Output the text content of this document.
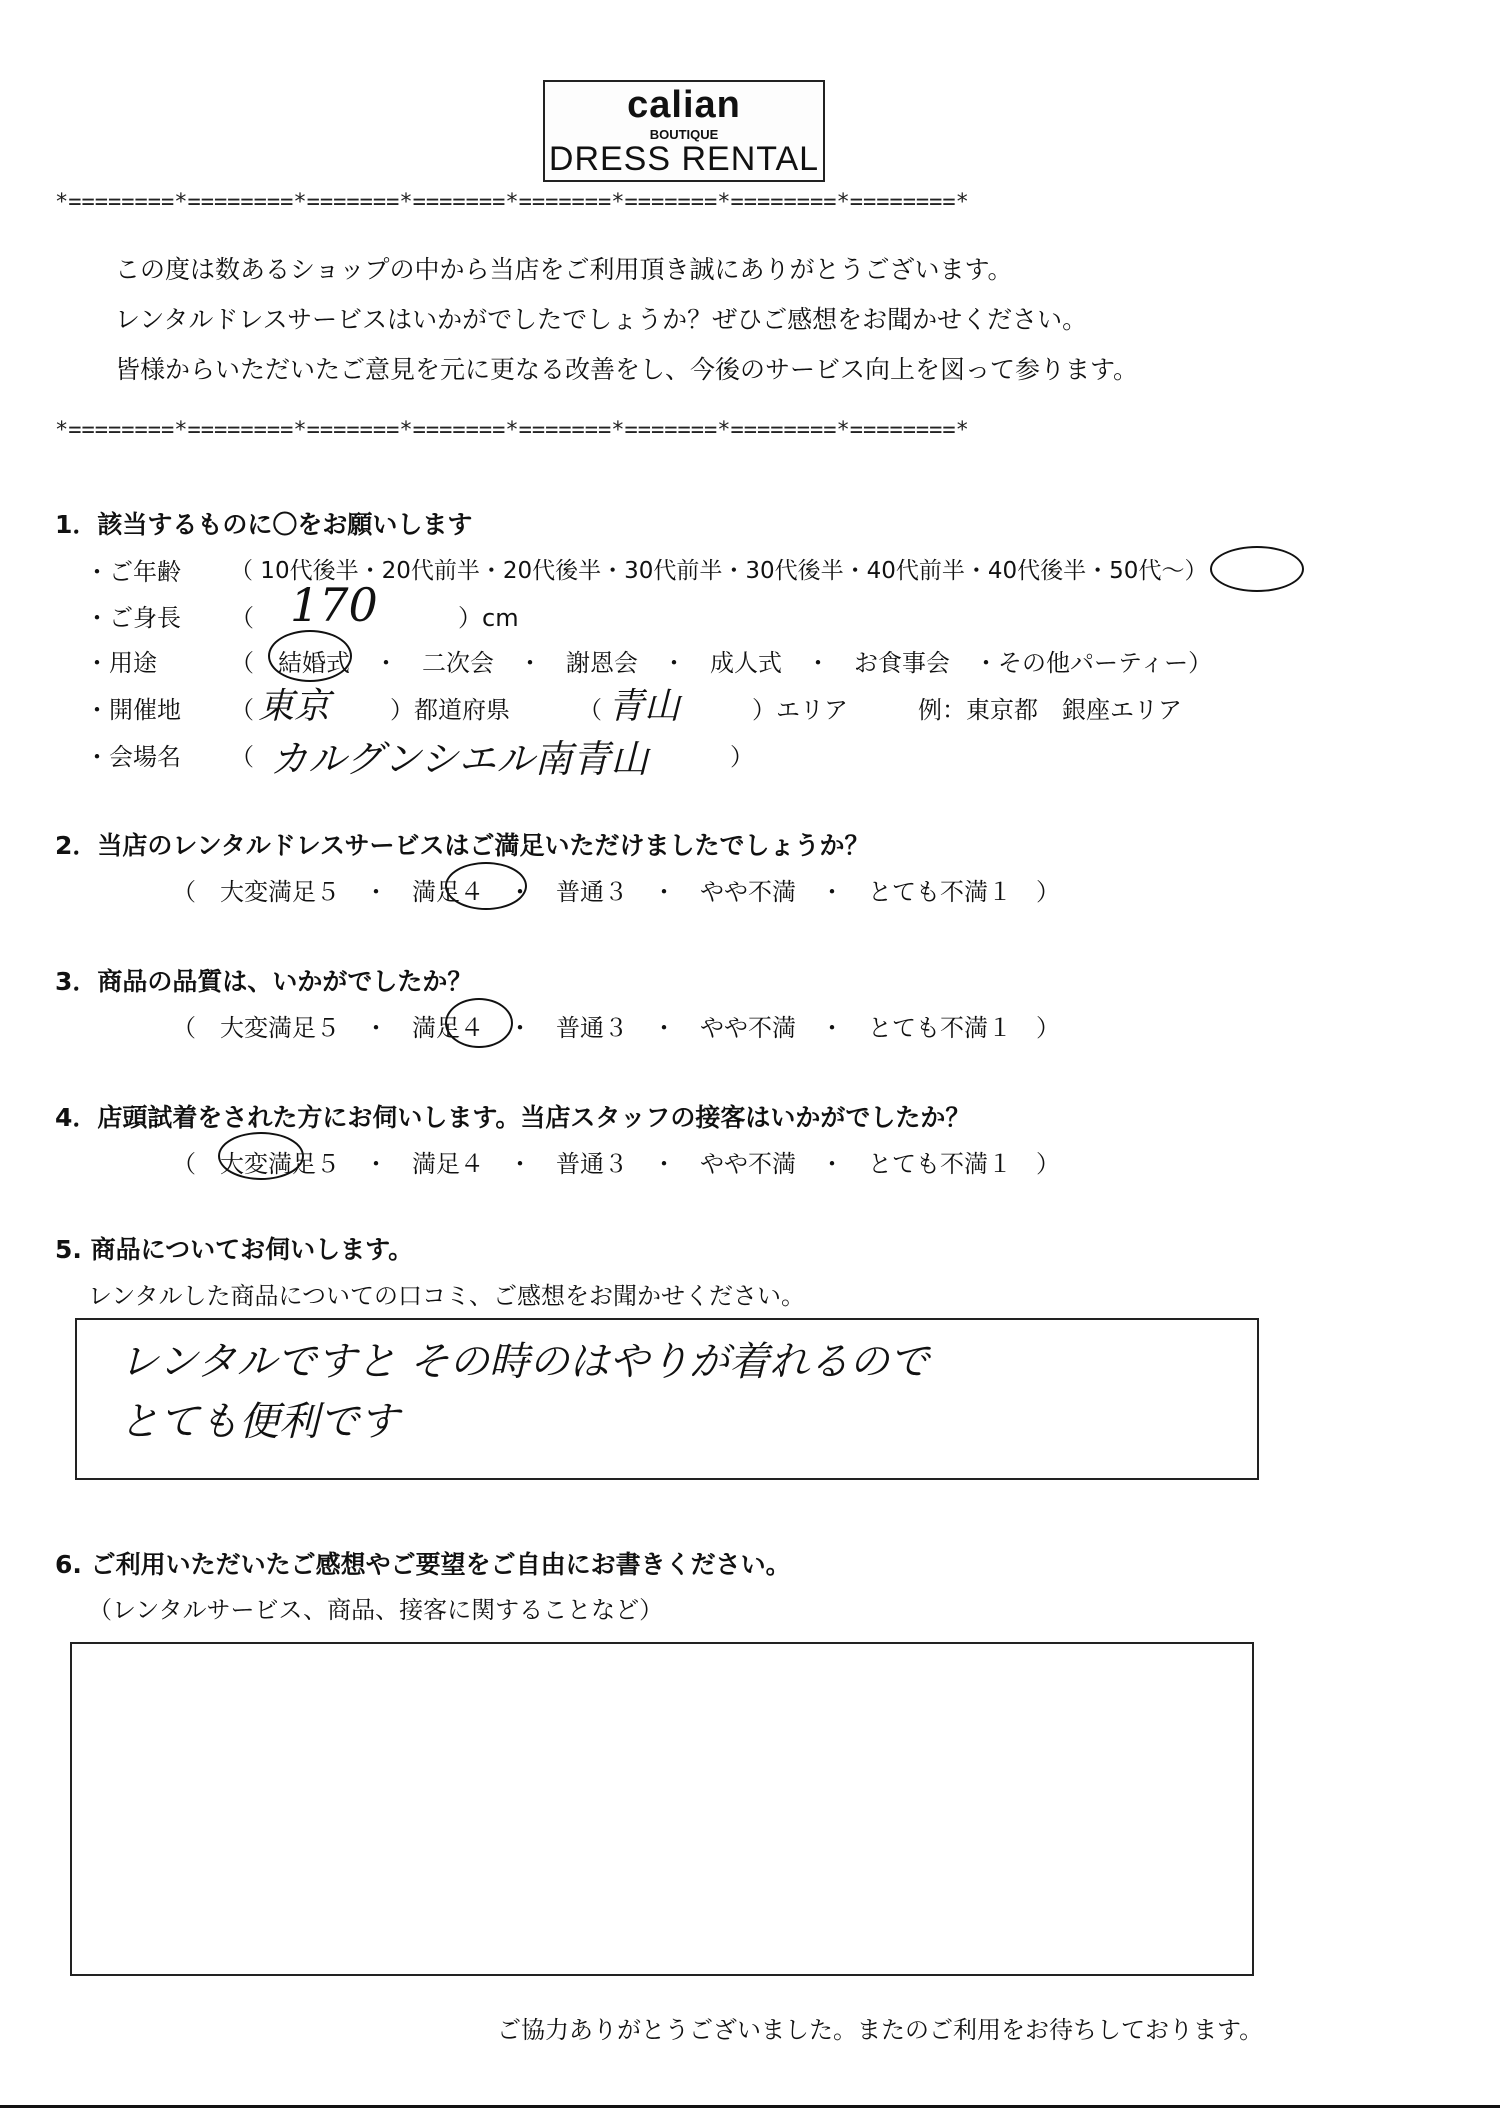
calian
BOUTIQUE
DRESS RENTAL
*========*========*=======*=======*=======*=======*========*========*
*========*========*=======*=======*=======*=======*========*========*
この度は数あるショップの中から当店をご利用頂き誠にありがとうございます。
レンタルドレスサービスはいかがでしたでしょうか？ぜひご感想をお聞かせください。
皆様からいただいたご意見を元に更なる改善をし、今後のサービス向上を図って参ります。
1．該当するものに〇をお願いします
・ご年齢 （ 10代後半・20代前半・20代後半・30代前半・30代後半・40代前半・40代後半・50代～）
・ご身長 （ 170	）cm
・用途	（　結婚式　・　二次会　・　謝恩会　・　成人式　・　お食事会　・その他パーティー）
・開催地 （ 東京 ）都道府県	（ 青山	）エリア	例：東京都　銀座エリア
・会場名 （ カルグンシエル南青山	）
2．当店のレンタルドレスサービスはご満足いただけましたでしょうか？
（　大変満足５　・　満足４　・　普通３　・　やや不満　・　とても不満１　）
3．商品の品質は、いかがでしたか？
（　大変満足５　・　満足４　・　普通３　・　やや不満　・　とても不満１　）
4．店頭試着をされた方にお伺いします。当店スタッフの接客はいかがでしたか？
（　大変満足５　・　満足４　・　普通３　・　やや不満　・　とても不満１　）
5. 商品についてお伺いします。
レンタルした商品についての口コミ、ご感想をお聞かせください。
レンタルですと その時のはやりが着れるので
とても便利です
6. ご利用いただいたご感想やご要望をご自由にお書きください。
（レンタルサービス、商品、接客に関することなど）
ご協力ありがとうございました。またのご利用をお待ちしております。
